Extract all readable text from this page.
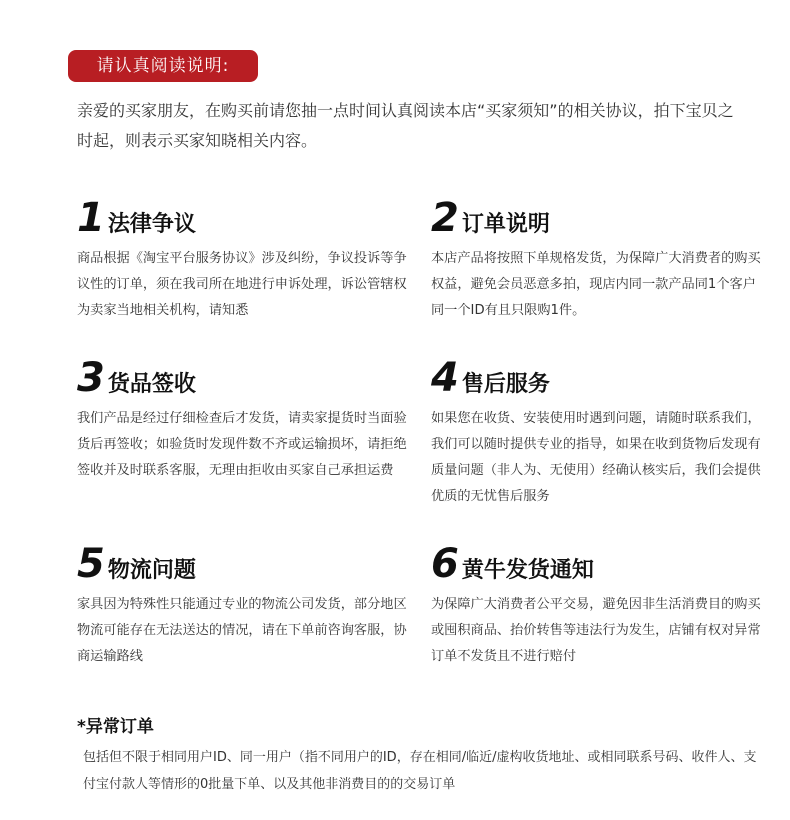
请认真阅读说明:
亲爱的买家朋友，在购买前请您抽一点时间认真阅读本店“买家须知”的相关协议，拍下宝贝之时起，则表示买家知晓相关内容。
1 法律争议
商品根据《淘宝平台服务协议》涉及纠纷，争议投诉等争议性的订单，须在我司所在地进行申诉处理，诉讼管辖权为卖家当地相关机构，请知悉
2 订单说明
本店产品将按照下单规格发货，为保障广大消费者的购买权益，避免会员恶意多拍，现店内同一款产品同1个客户同一个ID有且只限购1件。
3 货品签收
我们产品是经过仔细检查后才发货，请卖家提货时当面验货后再签收；如验货时发现件数不齐或运输损坏，请拒绝签收并及时联系客服，无理由拒收由买家自己承担运费
4 售后服务
如果您在收货、安装使用时遇到问题，请随时联系我们，我们可以随时提供专业的指导，如果在收到货物后发现有质量问题（非人为、无使用）经确认核实后，我们会提供优质的无忧售后服务
5 物流问题
家具因为特殊性只能通过专业的物流公司发货，部分地区物流可能存在无法送达的情况，请在下单前咨询客服，协商运输路线
6 黄牛发货通知
为保障广大消费者公平交易，避免因非生活消费目的购买或囤积商品、抬价转售等违法行为发生，店铺有权对异常订单不发货且不进行赔付
*异常订单
包括但不限于相同用户ID、同一用户（指不同用户的ID，存在相同/临近/虚构收货地址、或相同联系号码、收件人、支付宝付款人等情形的0批量下单、以及其他非消费目的的交易订单
